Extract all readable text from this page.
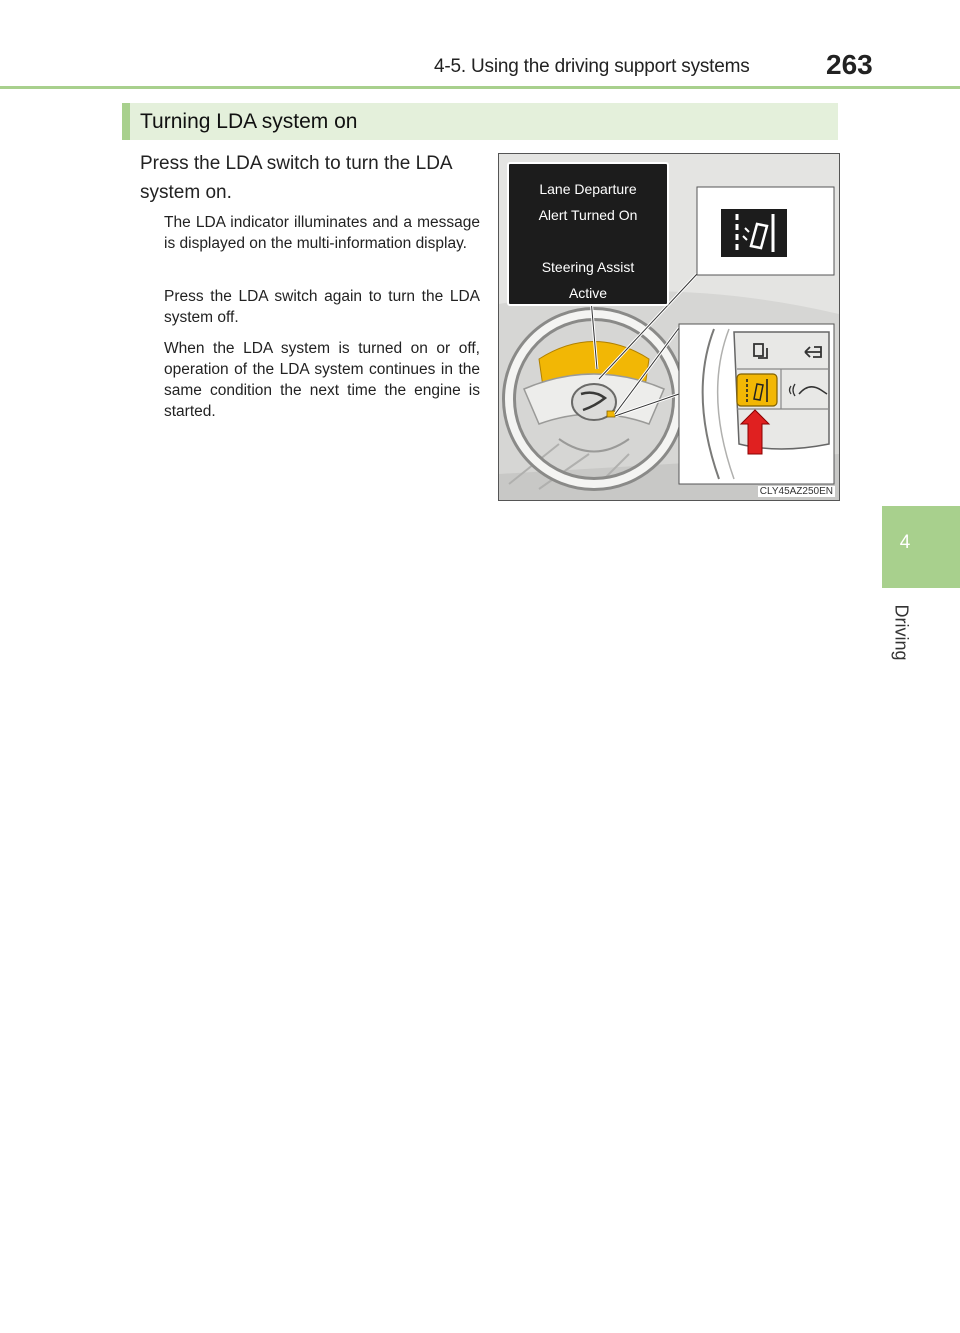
4-5. Using the driving support systems	263
4
Driving
Turning LDA system on
Press the LDA switch to turn the LDA system on.
The LDA indicator illuminates and a message is displayed on the multi-information display.
Press the LDA switch again to turn the LDA system off.
When the LDA system is turned on or off, operation of the LDA system continues in the same condition the next time the engine is started.
Lane Departure
Alert Turned On
Steering Assist
Active
CLY45AZ250EN
